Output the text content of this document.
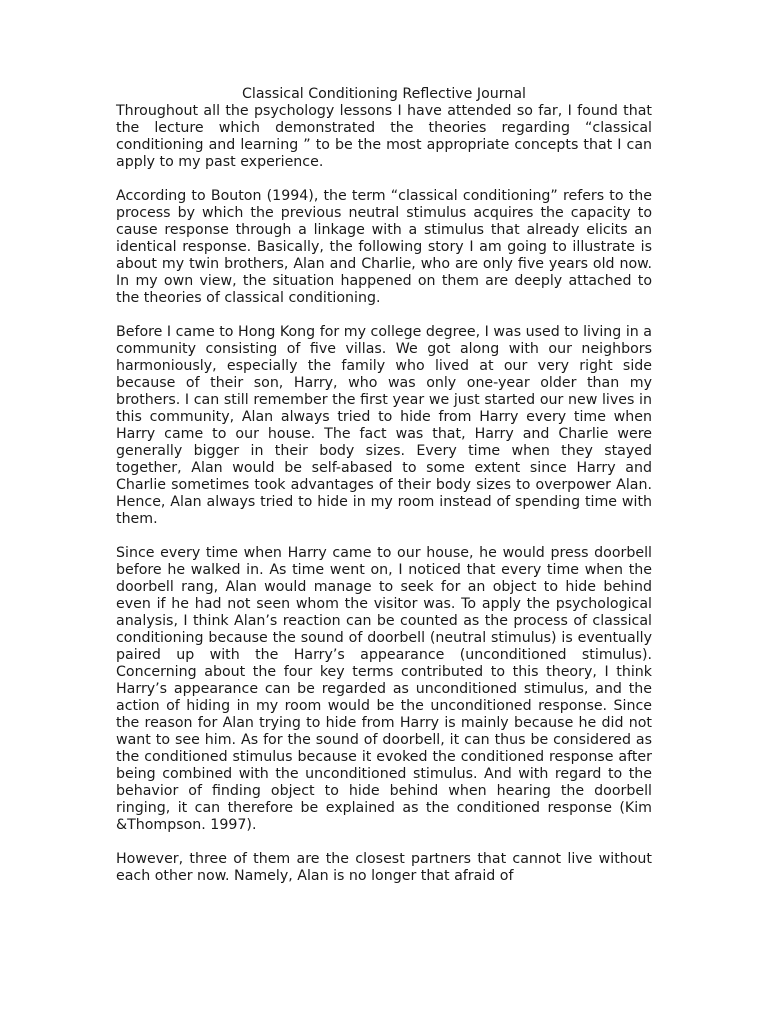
Classical Conditioning Reflective Journal

Throughout all the psychology lessons I have attended so far, I found that the lecture which demonstrated the theories regarding “classical conditioning and learning ” to be the most appropriate concepts that I can apply to my past experience.

According to Bouton (1994), the term “classical conditioning” refers to the process by which the previous neutral stimulus acquires the capacity to cause response through a linkage with a stimulus that already elicits an identical response. Basically, the following story I am going to illustrate is about my twin brothers, Alan and Charlie, who are only five years old now. In my own view, the situation happened on them are deeply attached to the theories of classical conditioning.

Before I came to Hong Kong for my college degree, I was used to living in a community consisting of five villas. We got along with our neighbors harmoniously, especially the family who lived at our very right side because of their son, Harry, who was only one-year older than my brothers. I can still remember the first year we just started our new lives in this community, Alan always tried to hide from Harry every time when Harry came to our house. The fact was that, Harry and Charlie were generally bigger in their body sizes. Every time when they stayed together, Alan would be self-abased to some extent since Harry and Charlie sometimes took advantages of their body sizes to overpower Alan. Hence, Alan always tried to hide in my room instead of spending time with them.

Since every time when Harry came to our house, he would press doorbell before he walked in. As time went on, I noticed that every time when the doorbell rang, Alan would manage to seek for an object to hide behind even if he had not seen whom the visitor was. To apply the psychological analysis, I think Alan’s reaction can be counted as the process of classical conditioning because the sound of doorbell (neutral stimulus) is eventually paired up with the Harry’s appearance (unconditioned stimulus). Concerning about the four key terms contributed to this theory, I think Harry’s appearance can be regarded as unconditioned stimulus, and the action of hiding in my room would be the unconditioned response. Since the reason for Alan trying to hide from Harry is mainly because he did not want to see him. As for the sound of doorbell, it can thus be considered as the conditioned stimulus because it evoked the conditioned response after being combined with the unconditioned stimulus. And with regard to the behavior of finding object to hide behind when hearing the doorbell ringing, it can therefore be explained as the conditioned response (Kim &Thompson. 1997).

However, three of them are the closest partners that cannot live without each other now. Namely, Alan is no longer that afraid of
